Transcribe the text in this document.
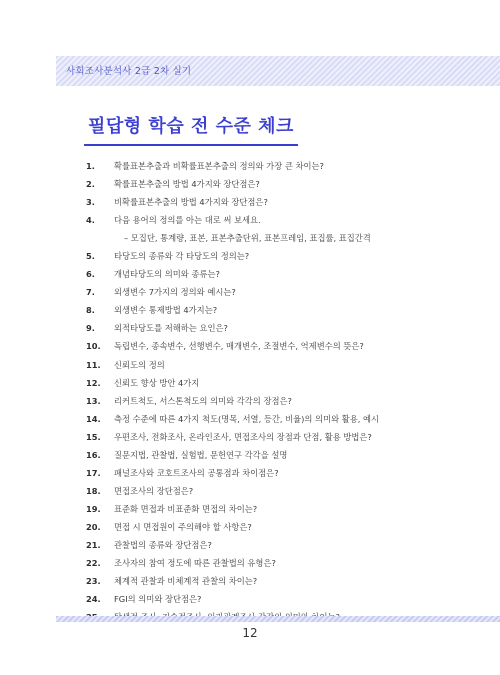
사회조사분석사 2급 2차 실기
필답형 학습 전 수준 체크
1.	확률표본추출과 비확률표본추출의 정의와 가장 큰 차이는?
2.	확률표본추출의 방법 4가지와 장단점은?
3.	비확률표본추출의 방법 4가지와 장단점은?
4.	다음 용어의 정의를 아는 대로 써 보세요.
– 모집단, 통계량, 표본, 표본추출단위, 표본프레임, 표집률, 표집간격
5.	타당도의 종류와 각 타당도의 정의는?
6.	개념타당도의 의미와 종류는?
7.	외생변수 7가지의 정의와 예시는?
8.	외생변수 통제방법 4가지는?
9.	외적타당도를 저해하는 요인은?
10.	독립변수, 종속변수, 선행변수, 매개변수, 조절변수, 억제변수의 뜻은?
11.	신뢰도의 정의
12.	신뢰도 향상 방안 4가지
13.	리커트척도, 서스톤척도의 의미와 각각의 장점은?
14.	측정 수준에 따른 4가지 척도(명목, 서열, 등간, 비율)의 의미와 활용, 예시
15.	우편조사, 전화조사, 온라인조사, 면접조사의 장점과 단점, 활용 방법은?
16.	질문지법, 관찰법, 실험법, 문헌연구 각각을 설명
17.	패널조사와 코호트조사의 공통점과 차이점은?
18.	면접조사의 장단점은?
19.	표준화 면접과 비표준화 면접의 차이는?
20.	면접 시 면접원이 주의해야 할 사항은?
21.	관찰법의 종류와 장단점은?
22.	조사자의 참여 정도에 따른 관찰법의 유형은?
23.	체계적 관찰과 비체계적 관찰의 차이는?
24.	FGI의 의미와 장단점은?
12
